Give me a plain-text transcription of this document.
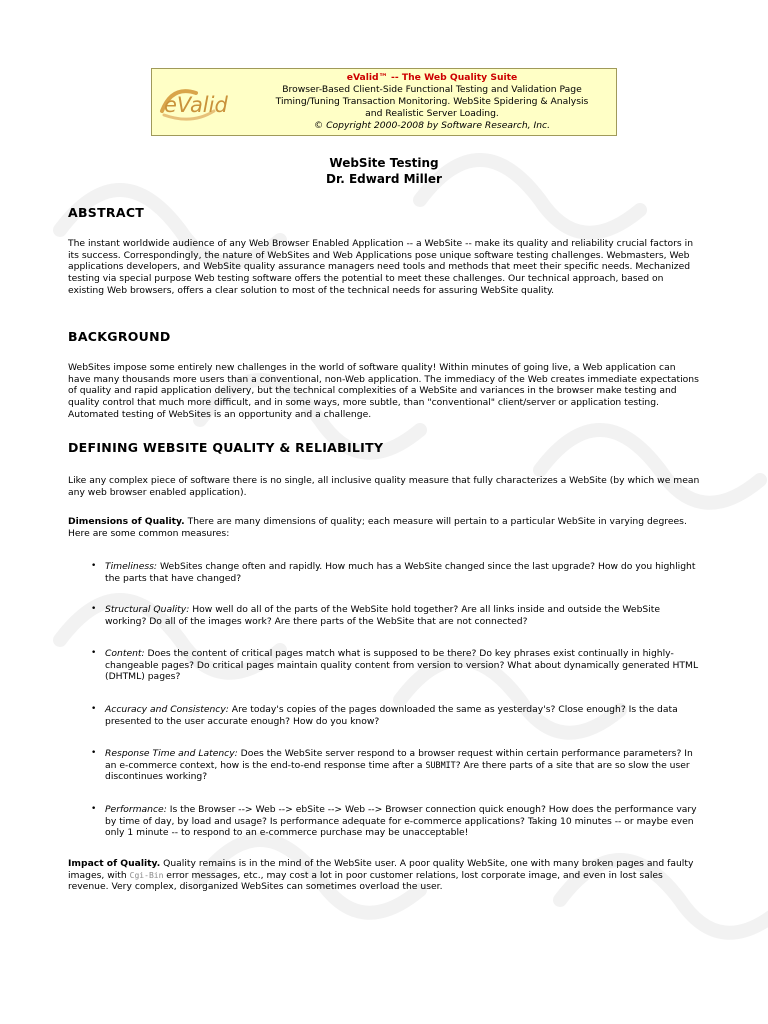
eValid
eValid™ -- The Web Quality Suite
Browser-Based Client-Side Functional Testing and Validation Page
Timing/Tuning Transaction Monitoring. WebSite Spidering & Analysis
and Realistic Server Loading.
© Copyright 2000-2008 by Software Research, Inc.
WebSite Testing
Dr. Edward Miller
ABSTRACT

The instant worldwide audience of any Web Browser Enabled Application -- a WebSite -- make its quality and reliability crucial factors in its success. Correspondingly, the nature of WebSites and Web Applications pose unique software testing challenges. Webmasters, Web applications developers, and WebSite quality assurance managers need tools and methods that meet their specific needs. Mechanized testing via special purpose Web testing software offers the potential to meet these challenges. Our technical approach, based on existing Web browsers, offers a clear solution to most of the technical needs for assuring WebSite quality.

BACKGROUND

WebSites impose some entirely new challenges in the world of software quality! Within minutes of going live, a Web application can have many thousands more users than a conventional, non-Web application. The immediacy of the Web creates immediate expectations of quality and rapid application delivery, but the technical complexities of a WebSite and variances in the browser make testing and quality control that much more difficult, and in some ways, more subtle, than "conventional" client/server or application testing. Automated testing of WebSites is an opportunity and a challenge.

DEFINING WEBSITE QUALITY & RELIABILITY

Like any complex piece of software there is no single, all inclusive quality measure that fully characterizes a WebSite (by which we mean any web browser enabled application).

Dimensions of Quality. There are many dimensions of quality; each measure will pertain to a particular WebSite in varying degrees. Here are some common measures:

• Timeliness: WebSites change often and rapidly. How much has a WebSite changed since the last upgrade? How do you highlight the parts that have changed?

• Structural Quality: How well do all of the parts of the WebSite hold together? Are all links inside and outside the WebSite working? Do all of the images work? Are there parts of the WebSite that are not connected?

• Content: Does the content of critical pages match what is supposed to be there? Do key phrases exist continually in highly-changeable pages? Do critical pages maintain quality content from version to version? What about dynamically generated HTML (DHTML) pages?

• Accuracy and Consistency: Are today's copies of the pages downloaded the same as yesterday's? Close enough? Is the data presented to the user accurate enough? How do you know?

• Response Time and Latency: Does the WebSite server respond to a browser request within certain performance parameters? In an e-commerce context, how is the end-to-end response time after a SUBMIT? Are there parts of a site that are so slow the user discontinues working?

• Performance: Is the Browser --> Web --> ebSite --> Web --> Browser connection quick enough? How does the performance vary by time of day, by load and usage? Is performance adequate for e-commerce applications? Taking 10 minutes -- or maybe even only 1 minute -- to respond to an e-commerce purchase may be unacceptable!

Impact of Quality. Quality remains is in the mind of the WebSite user. A poor quality WebSite, one with many broken pages and faulty images, with Cgi-Bin error messages, etc., may cost a lot in poor customer relations, lost corporate image, and even in lost sales revenue. Very complex, disorganized WebSites can sometimes overload the user.
